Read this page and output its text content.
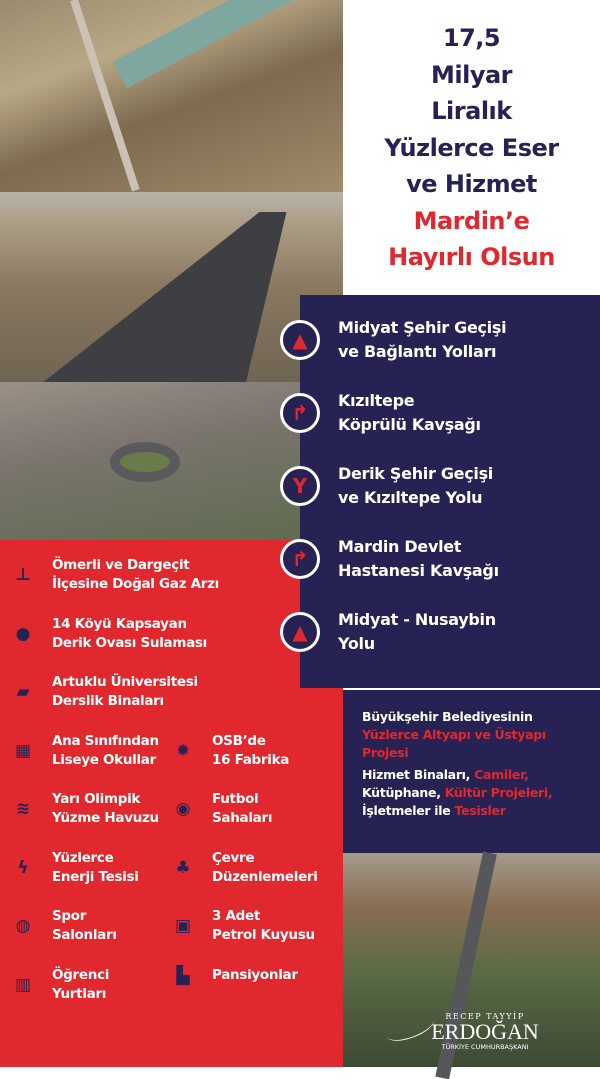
17,5
Milyar
Liralık
Yüzlerce Eser
ve Hizmet
Mardin’e
Hayırlı Olsun
▲
Midyat Şehir Geçişi
ve Bağlantı Yolları
↱
Kızıltepe
Köprülü Kavşağı
Y
Derik Şehir Geçişi
ve Kızıltepe Yolu
↱
Mardin Devlet
Hastanesi Kavşağı
▲
Midyat - Nusaybin
Yolu
⊥ Ömerli ve Dargeçit
İlçesine Doğal Gaz Arzı
● 14 Köyü Kapsayan
Derik Ovası Sulaması
▰	Artuklu Üniversitesi
Derslik Binaları
▦ Ana Sınıfından
Liseye Okullar
≋ Yarı Olimpik
Yüzme Havuzu
ϟ	Yüzlerce
Enerji Tesisi
◍ Spor
Salonları
▥ Öğrenci
Yurtları
✹ OSB’de
16 Fabrika
◉ Futbol
Sahaları
♣ Çevre
Düzenlemeleri
▣ 3 Adet
Petrol Kuyusu
▙	Pansiyonlar
Büyükşehir Belediyesinin
Yüzlerce Altyapı ve Üstyapı Projesi
Hizmet Binaları, Camiler,
Kütüphane, Kültür Projeleri,
İşletmeler ile Tesisler
RECEP TAYYİP
ERDOĞAN
TÜRKİYE CUMHURBAŞKANI
